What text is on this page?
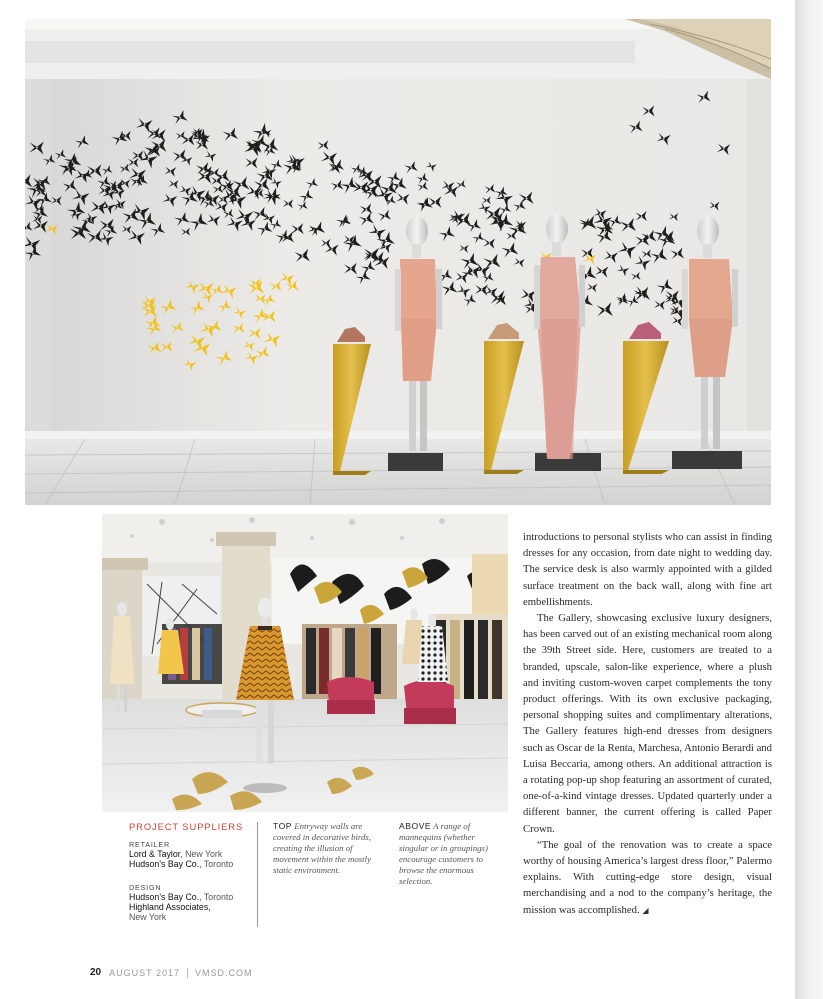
PROJECT SUPPLIERS
RETAILER
Lord & Taylor, New York
Hudson's Bay Co., Toronto
DESIGN
Hudson's Bay Co., Toronto
Highland Associates,
New York
TOP Entryway walls are covered in decorative birds, creating the illusion of movement within the mostly static environment.
ABOVE A range of mannequins (whether singular or in groupings) encourage customers to browse the enormous selection.

introductions to personal stylists who can assist in finding dresses for any occasion, from date night to wedding day. The service desk is also warmly appointed with a gilded surface treatment on the back wall, along with fine art embellishments.

The Gallery, showcasing exclusive luxury designers, has been carved out of an existing mechanical room along the 39th Street side. Here, customers are treated to a branded, upscale, salon-like experience, where a plush and inviting custom-woven carpet complements the tony product offerings. With its own exclusive packaging, personal shopping suites and complimentary alterations, The Gallery features high-end dresses from designers such as Oscar de la Renta, Marchesa, Antonio Berardi and Luisa Beccaria, among others. An additional attraction is a rotating pop-up shop featuring an assortment of curated, one-of-a-kind vintage dresses. Updated quarterly under a different banner, the current offering is called Paper Crown.

“The goal of the renovation was to create a space worthy of housing America’s largest dress floor,” Palermo explains. With cutting-edge store design, visual merchandising and a nod to the company’s heritage, the mission was accomplished. ◢

20 AUGUST 2017 VMSD.COM
